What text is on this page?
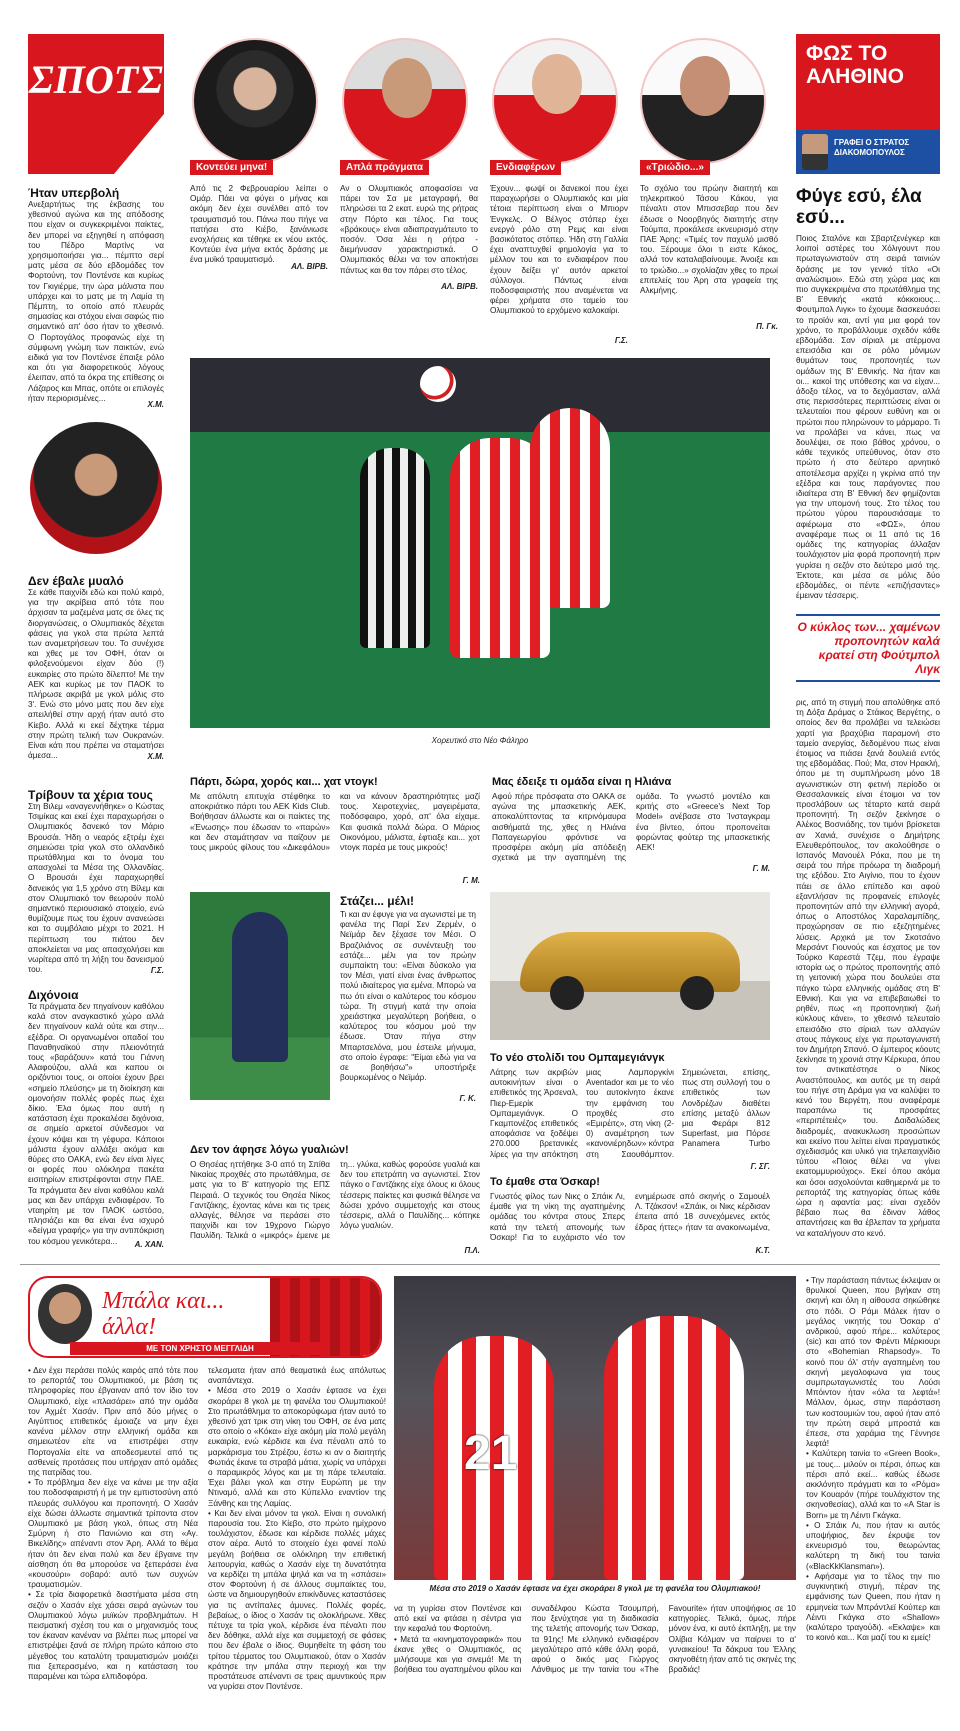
ΣΠΟΤΣ
Κοντεύει μηνα!	Απλά πράγματα	Ενδιαφέρων	«Τριώδιο...»
Από τις 2 Φεβρουαρίου λείπει ο Ομάρ. Πάει να φύγει ο μήνας και ακόμη δεν έχει συνέλθει από τον τραυματισμό του. Πάνω που πήγε να πατήσει στο Κιέβο, ξανάνιωσε ενοχλήσεις και τέθηκε εκ νέου εκτός. Κοντεύει ένα μήνα εκτός δράσης με ένα μυϊκό τραυματισμό.
ΑΛ. ΒΙΡΒ.
Αν ο Ολυμπιακός αποφασίσει να πάρει τον Σα με μεταγραφή, θα πληρώσει τα 2 εκατ. ευρώ της ρήτρας στην Πόρτο και τέλος. Για τους «βράκους» είναι αδιαπραγμάτευτο το ποσόν. Όσα λέει η ρήτρα - διεμήνυσαν χαρακτηριστικά. Ο Ολυμπιακός θέλει να τον αποκτήσει πάντως και θα τον πάρει στο τέλος.
ΑΛ. ΒΙΡΒ.
Έχουν... φωψί οι δανεικοί που έχει παραχωρήσει ο Ολυμπιακός και μία τέτοια περίπτωση είναι ο Μπιορν Ένγκελς. Ο Βέλγος στόπερ έχει ενεργό ρόλο στη Ρεμς και είναι βασικότατος στόπερ. Ήδη στη Γαλλία έχει αναπτυχθεί φημολογία για το μέλλον του και το ενδιαφέρον που έχουν δείξει γι' αυτόν αρκετοί σύλλογοι. Πάντως είναι ποδοσφαιριστής που αναμένεται να φέρει χρήματα στο ταμείο του Ολυμπιακού το ερχόμενο καλοκαίρι.
Γ.Σ.
Το σχόλιο του πρώην διαιτητή και τηλεκριτικού Τάσου Κάκου, για πέναλτι στον Μπισσεβαρ που δεν έδωσε ο Νοορβηγός διαιτητής στην Τούμπα, προκάλεσε εκνευρισμό στην ΠΑΕ Άρης: «Τιμές τον παχυλό μισθό του. Ξέρουμε όλοι τι ειστε Κάκος, αλλά τον καταλαβαίνουμε. Άνοιξε και το τριώδιο...» σχολίαζαν χθες το πρωί επιτελείς του Άρη στα γραφεία της Αλκμήνης.
Π. Γκ.
ΦΩΣ ΤΟ ΑΛΗΘΙΝΟ
ΓΡΑΦΕΙ Ο ΣΤΡΑΤΟΣ ΔΙΑΚΟΜΟΠΟΥΛΟΣ
Ήταν υπερβολή
Ανεξαρτήτως της έκβασης του χθεσινού αγώνα και της απόδοσης που είχαν οι συγκεκριμένοι παίκτες, δεν μπορεί να εξηγηθεί η απόφαση του Πέδρο Μαρτίνς να χρησιμοποιήσει για... πέμπτο σερί ματς μέσα σε δύο εβδομάδες τον Φορτούνη, τον Ποντένσε και κυρίως τον Γκιγιέρμε, την ώρα μάλιστα που υπάρχει και το ματς με τη Λαμία τη Πέμπτη, το οποίο από πλευράς σημασίας και στόχου είναι σαφώς πιο σημαντικό απ' όσο ήταν το χθεσινό. Ο Πορτογάλος προφανώς είχε τη σύμφωνη γνώμη των παικτών, ενώ ειδικά για τον Ποντένσε έπαιξε ρόλο και ότι για διαφορετικούς λόγους έλειπαν, από τα όκρα της επίθεσης οι Λάζαρος και Μπας, οπότε οι επιλογές ήταν περιορισμένες...
Χ.Μ.
Δεν έβαλε μυαλό
Σε κάθε παιχνίδι εδώ και πολύ καιρό, για την ακρίβεια από τότε που άρχισαν τα μαζεμένα ματς σε όλες τις διοργανώσεις, ο Ολυμπιακός δέχεται φάσεις για γκολ στα πρώτα λεπτά των αναμετρήσεων του. Το συνέχισε και χθες με τον ΟΦΗ, όταν οι φιλοξενούμενοι είχαν δύο (!) ευκαιρίες στο πρώτο δίλεπτο! Με την ΑΕΚ και κυρίως με τον ΠΑΟΚ το πλήρωσε ακριβά με γκολ μόλις στο 3'. Ενώ στο μόνο ματς που δεν είχε απειλήθεί στην αρχή ήταν αυτό στο Κίεβο. Αλλά κι εκεί δέχτηκε τέρμα στην πρώτη τελική των Ουκρανών. Είναι κάτι που πρέπει να σταματήσει άμεσα...	Χ.Μ.
Τρίβουν τα χέρια τους
Στη Βιλεμ «αναγεννήθηκε» ο Κώστας Τσιμίκας και εκεί έχει παραχωρήσει ο Ολυμπιακός δανεικό τον Μάριο Βρουσάι. Ήδη ο νεαρός εξτρέμ έχει σημειώσει τρία γκολ στο ολλανδικό πρωτάθλημα και το όνομα του απασχολεί τα Μέσα της Ολλανδίας. Ο Βρουσάι έχει παραχωρηθεί δανεικός για 1,5 χρόνο στη Βίλεμ και στον Ολυμπιακό τον θεωρούν πολύ σημαντικό περιουσιακό στοιχείο, ενώ θυμίζουμε πως του έχουν ανανεώσει και το συμβόλαιο μέχρι το 2021. Η περίπτωση του πιάτου δεν αποκλείεται να μας απασχολήσει και νωρίτερα από τη λήξη του δανεισμού του.	Γ.Σ.
Διχόνοια
Τα πράγματα δεν πηγαίνουν καθόλου καλά στον αναγκαστικό χώρο αλλά δεν πηγαίνουν καλά ούτε και στην... εξέδρα. Οι οργανωμένοι οπαδοί του Παναθηναϊκού στην πλειονότητά τους «βαράζουν» κατά του Γιάννη Αλαφούζου, αλλά και καπου οι οριζόντιοι τους, οι οποίοι έχουν βρει «σημείο πλεύσης» με τη διοίκηση και ομονοήσιν πολλές φορές πως έχει δίκιο. Έλα όμως που αυτή η κατάσταση έχει προκαλέσει διχόνοια, σε σημείο αρκετοί σύνδεσμοι να έχουν κόψει και τη γέφυρα. Κάποιοι μάλιστα έχουν αλλάξει ακόμα και θύρες στο ΟΑΚΑ, ενώ δεν είναι λίγες οι φορές που ολόκληρα πακέτα εισιτηρίων επιστρέφονται στην ΠΑΕ. Τα πράγματα δεν είναι καθόλου καλά μας και δεν υπάρχει ενδιαφέρον. Το νταηρίτη με τον ΠΑΟΚ ωστόσο, πλησιάζει και θα είναι ένα ισχυρό «δείγμα γραφής» για την αντιπόκριση του κόσμου γενικότερα...	Α. ΧΑΝ.
Χορευτικό στο Νέο Φάληρο
Φύγε εσύ, έλα εσύ...
Ποιος Σταλόνε και Σβαρτζενέγκερ και λοιποί αστέρες του Χόλιγουντ που πρωταγωνιστούν στη σειρά ταινιών δράσης με τον γενικό τίτλο «Οι αναλώσιμοι». Εδώ στη χώρα μας και πιο συγκεκριμένα στο πρωτάθλημα της Β' Εθνικής «κατά κόκκοιους... Φουτμπολ Λιγκ» το έχουμε διασκευάσει το προϊόν και, αντί για μια φορά τον χρόνο, το προβάλλουμε σχεδόν κάθε εβδομάδα. Σαν σίριαλ με ατέρμονα επεισόδια και σε ρόλο μόνιμων θυμάτων τους προπονητές των ομάδων της Β' Εθνικής. Να ήταν και οι... κακοί της υπόθεσης και να είχαν... άδοξο τέλος, να το δεχόμασταν, αλλά στις περισσότερες περιπτώσεις είναι οι τελευταίοι που φέρουν ευθύνη και οι πρώτοι που πληρώνουν το μάρμαρο. Τι να προλάβει να κάνει, πως να δουλέψει, σε ποιο βάθος χρόνου, ο κάθε τεχνικός υπεύθυνος, όταν στο πρώτο ή στο δεύτερο αρνητικό αποτέλεσμα αρχίζει η γκρίνια από την εξέδρα και τους παράγοντες που ιδιαίτερα στη Β' Εθνική δεν φημίζονται για την υπομονή τους. Στο τέλος του πρώτου γύρου παρουσιάσαμε το αφιέρωμα στο «ΦΩΣ», όπου αναφέραμε πως οι 11 από τις 16 ομάδες της κατηγορίας άλλαξαν τουλάχιστον μία φορά προπονητή πριν γυρίσει η σεζόν στο δεύτερο μισό της. Έκτοτε, και μέσα σε μόλις δύο εβδομάδες, οι πέντε «επιζήσαντες» έμειναν τέσσερις.
Ο κύκλος των... χαμένων προπονητών καλά κρατεί στη Φούτμπολ Λιγκ
ρις, από τη στιγμή που απολύθηκε από τη Δόξα Δράμας ο Στάικος Βεργέτης, ο οποίος δεν θα προλάβει να τελειώσει χαρτί για βραχύβια παραμονή στο ταμείο ανεργίας, δεδομένου πως είναι έτοιμος να πιάσει ξανά δουλειά εντός της εβδομάδας. Πού; Μα, στον Ηρακλή, όπου με τη συμπλήρωση μόνο 18 αγωνιστικών στη φετινή περίοδο οι Θεσσαλονικείς είναι έτοιμοι να τον προσλάβουν ως τέταρτο κατά σειρά προπονητή. Τη σεζόν ξεκίνησε ο Αλέκος Βοσνιάδης, τον τιμόνι βρίσκεται αν Χανιά, συνέχισε ο Δημήτρης Ελευθερόπουλος, τον ακολούθησε ο Ισπανός Μανουέλ Ρόκα, που με τη σειρά του πήρε πρόωρα τη διαδρομή της εξόδου. Στο Αιγίνιο, που το έχουν πάει σε άλλο επίπεδο και αφού εξαντλήσαν τις προφανείς επιλογές προπονητών από την ελληνική αγορά, όπως ο Αποστόλος Χαραλαμπίδης, προχώρησαν σε πιο εξεζητημένες λύσεις. Αρχικά με τον Σκοτσάνο Μερσάντ Γιουνούς και έσχατος με τον Τούρκο Καρεστά Τζεμ, που έγραψε ιστορία ως ο πρώτος προπονητής από τη γειτονική χώρα που δουλεύει στα πάγκο τώρα ελληνικής ομάδας στη Β' Εθνική. Και για να επιβεβαιωθεί το ρηθέν, πως «η προπονητική ζωή κύκλους κάνει», το χθεσινό τελευταίο επεισόδιο στο σίριαλ των αλλαγών στους πάγκους είχε για πρωταγωνιστή τον Δημήτρη Σπανό. Ο έμπειρος κόουτς ξεκίνησε τη χρονιά στην Κέρκυρα, όπου τον αντικατέστησε ο Νίκος Αναστόπουλος, και αυτός με τη σειρά του πήγε στη Δράμα για να καλύψει το κενό του Βεργέτη, που αναφέραμε παραπάνω τις προσφάτες «περιπέτειές» του. Δαιδαλώδεις διαδρομές, ανακυκλωση προσώπων και εκείνο που λείπει είναι πραγματικός σχεδιασμός και υλικό για τηλεπαιχνίδιο τύπου «Ποιος θέλει να γίνει εκατομμυριούχος». Εκεί όπου ακόμα και όσοι ασχολούνται καθημερινά με το ρεπορτάζ της κατηγορίας όπως κάθε ώρα η αφαντία μας: είναι σχεδόν βέβαιο πως θα έδιναν λάθος απαντήσεις και θα έβλεπαν τα χρήματα να καταλήγουν στο κενό.
Πάρτι, δώρα, χορός και... χατ ντογκ!
Με απόλυτη επιτυχία στέφθηκε το αποκριάτικο πάρτι του ΑΕΚ Kids Club. Βοήθησαν άλλωστε και οι παίκτες της «Ένωσης» που έδωσαν το «παρών» και δεν σταμάτησαν να παίζουν με τους μικρούς φίλους του «Δικεφάλου» και να κάνουν δραστηριότητες μαζί τους. Χειροτεχνίες, μαγειρέματα, ποδόσφαιρο, χορό, απ' όλα είχαμε. Και φυσικά πολλά δώρα. Ο Μάριος Οικονόμου, μάλιστα, έφτιαξε και... χοτ ντογκ παρέα με τους μικρούς!
Γ. Μ.
Μας έδειξε τι ομάδα είναι η Ηλιάνα
Αφού πήρε πρόσφατα στο ΟΑΚΑ σε αγώνα της μπασκετικής ΑΕΚ, αποκαλύπτοντας τα κιτρινόμαυρα αισθήματά της, χθες η Ηλιάνα Παπαγεωργίου φρόντισε να προσφέρει ακόμη μία απόδειξη σχετικά με την αγαπημένη της ομάδα. Το γνωστό μοντέλο και κριτής στο «Greece's Next Top Model» ανέβασε στο Ίνσταγκραμ ένα βίντεο, όπου προπονείται φορώντας φούτερ της μπασκετικής ΑΕΚ!
Γ. Μ.
Στάζει... μέλι!
Τι και αν έφυγε για να αγωνιστεί με τη φανέλα της Παρί Σεν Ζερμέν, ο Νεϊμάρ δεν ξέχασε τον Μέσι. Ο Βραζιλιάνος σε συνέντευξη του εστάζε... μέλι για τον πρώην συμπαίκτη του: «Είναι δύσκολο για τον Μέσι, γιατί είναι ένας άνθρωπος πολύ ιδιαίτερος για εμένα. Μπορώ να πω ότι είναι ο καλύτερος του κόσμου τώρα. Τη στιγμή κατά την οποία χρειάστηκα μεγαλύτερη βοήθεια, ο καλύτερος του κόσμου μού την έδωσε. Όταν πήγα στην Μπαρτσελόνα, μου έστειλε μήνυμα, στο οποίο έγραφε: "Είμαι εδώ για να σε βοηθήσω"» υποστήριξε βουρκωμένος ο Νεϊμάρ.
Γ. Κ.
Το νέο στολίδι του Ομπαμεγιάνγκ
Λάτρης των ακριβών αυτοκινήτων είναι ο επιθετικός της Άρσεναλ, Πιερ-Εμερίκ Ομπαμεγιάνγκ. Ο Γκαμπονέζος επιθετικός αποφάσισε να ξοδέψει 270.000 βρετανικές λίρες για την απόκτηση μιας Λαμποργκίνι Aventador και με το νέο του αυτοκίνητο έκανε την εμφάνιση του προχθές στο «Εμιρέιτς», στη νίκη (2-0) αναμέτρηση των «κανονιέρηδων» κόντρα στη Σαουθάμπτον. Σημειώνεται, επίσης, πως στη συλλογή του ο επιθετικός των Λονδρέζων διαθέτει επίσης μεταξύ άλλων μια Φεράρι 812 Superfast, μια Πόρσε Panamera Turbo
Γ. ΣΓ.
Δεν τον άφησε λόγω γυαλιών!
Ο Θησέας ηττήθηκε 3-0 από τη Σπίθα Νικαίας προχθές στο πρωτάθλημα, σε ματς για το Β' κατηγορίο της ΕΠΣ Πειραιά. Ο τεχνικός του Θησέα Νίκος Γαντζάκης, έχοντας κάνει και τις τρεις αλλαγές, θέλησε να περάσει στο παιχνίδι και τον 19χρονο Γιώργο Παυλίδη. Τελικά ο «μικρός» έμεινε με τη... γλύκα, καθώς φορούσε γυαλιά και δεν του επετράπη να αγωνιστεί. Στον πάγκο ο Γαντζάκης είχε όλους κι όλους τέσσερις παίκτες και φυσικά θέλησε να δώσει χρόνο συμμετοχής και στους τέσσερις, αλλά ο Παυλίδης... κόπηκε λόγω γυαλιών.
Π.Λ.
Το έμαθε στα Όσκαρ!
Γνωστός φίλος των Νικς ο Σπάικ Λι, έμαθε για τη νίκη της αγαπημένης ομάδας του κόντρα στους Σπερς κατά την τελετή απονομής των Όσκαρ! Για το ευχάριστο νέο τον ενημέρωσε από σκηνής ο Σαμουέλ Λ. Τζάκσον! «Σπάικ, οι Νικς κέρδισαν έπειτα από 18 συνεχόμενες εκτός έδρας ήττες» ήταν τα ανακοινωμένα,
Κ.Τ.
Μπάλα και... άλλα!
ΜΕ ΤΟΝ ΧΡΗΣΤΟ ΜΕΓΓΛΙΔΗ
• Δεν έχει περάσει πολύς καιρός από τότε που το ρεπορτάζ του Ολυμπιακού, με βάση τις πληροφορίες που έβγαιναν από τον ίδιο τον Ολυμπιακό, είχε «πλασάρει» από την ομάδα τον Αχμέτ Χασάν. Πριν από δύο μήνες ο Αιγύπτιος επιθετικός έμοιαζε να μην έχει κανένα μέλλον στην ελληνική ομάδα και σημειωτέον είτε να επιστρέψει στην Πορτογαλία είτε να αποδεσμευτεί από τις ασθενείς προτάσεις που υπήρχαν από ομάδες της πατρίδας του.
• Το πρόβλημα δεν είχε να κάνει με την αξία του ποδοσφαιριστή ή με την εμπιστοσύνη από πλευράς συλλόγου και προπονητή. Ο Χασάν είχε δώσει άλλωστε σημαντικά τρίποντα στον Ολυμπιακό με βάση γκολ, όπως στη Νέα Σμύρνη ή στο Πανιώνιο και στη «Αγ. Βικελίδης» απέναντι στον Άρη. Αλλά το θέμα ήταν ότι δεν είναι πολύ και δεν έβγαινε την αίσθηση ότι θα μπορούσε να ξεπεράσει ένα «κουσούρι» σοβαρό: αυτό των συχνών τραυματισμών.
• Σε τρία διαφορετικά διαστήματα μέσα στη σεζόν ο Χασάν είχε χάσει σειρά αγώνων του Ολυμπιακού λόγω μυϊκών προβλημάτων. Η πεισματική σχέση του και ο μηχανισμός τους τον έκαναν κανέναν να βλέπει πως μπορεί να επιστρέψει ξανά σε πλήρη πρώτο κάποιο στο μέγεθος του καταλύτη τραυματισμών μοιάζει πια ξεπερασμένο, και η κατάσταση του παραμένει και τώρα ελπιδοφόρα.
τελεσματα ήταν από θεαματικά έως απόλυτως αναπάντεχα.
• Μέσα στο 2019 ο Χασάν έφτασε να έχει σκοράρει 8 γκολ με τη φανέλα του Ολυμπιακού! Στο πρωτάθλημα το αποκορύφωμα ήταν αυτό το χθεσινό χατ τρικ στη νίκη του ΟΦΗ, σε ένα ματς στο οποίο ο «Κόκα» είχε ακόμη μία πολύ μεγάλη ευκαιρία, ενώ κέρδισε και ένα πέναλτι από το μαρκάρισμα του Στρέζου, έστω κι αν ο διαιτητής Φωτιάς έκανε τα στραβά μάτια, χωρίς να υπάρχει ο παραμικρός λόγος και με τη πάρε τελευταία. Έχει βάλει γκολ και στην Ευρώπη με την Ντιναμό, αλλά και στο Κύπελλο εναντίον της Ξάνθης και της Λαμίας.
• Και δεν είναι μόνον τα γκολ. Είναι η συνολική παρουσία του. Στο Κίεβο, στο πρώτο ημίχρονο τουλάχιστον, έδωσε και κέρδισε πολλές μάχες στον αέρα. Αυτό το στοιχείο έχει φανεί πολύ μεγάλη βοήθεια σε ολόκληρη την επιθετική λειτουργία, καθώς ο Χασάν είχε τη δυνατότητα να κερδίζει τη μπάλα ψηλά και να τη «σπάσει» στον Φορτούνη ή σε άλλους συμπαίκτες του, ώστε να δημιουργηθούν επικίνδυνες καταστάσεις για τις αντίπαλες άμυνες. Πολλές φορές, βεβαίως, ο ίδιος ο Χασάν τις ολοκλήρωνε. Χθες πέτυχε τα τρία γκολ, κέρδισε ένα πέναλτι που δεν δόθηκε, αλλά είχε και συμμετοχή σε φάσεις που δεν έβαλε ο ίδιος. Θυμηθείτε τη φάση του τρίτου τέρματος του Ολυμπιακού, όταν ο Χασάν κράτησε την μπάλα στην περιοχή και την προστάτευσε απέναντι σε τρεις αμυντικούς πριν να γυρίσει στον Ποντένσε.
21
Μέσα στο 2019 ο Χασάν έφτασε να έχει σκοράρει 8 γκολ με τη φανέλα του Ολυμπιακού!
να τη γυρίσει στον Ποντένσε και από εκεί να φτάσει η σέντρα για την κεφαλιά του Φορτούνη.
• Μετά τα «κινηματογραφικά» που έκανε χθες ο Ολυμπιακός, ας μιλήσουμε και για σινεμά! Με τη βοήθεια του αγαπημένου φίλου και συναδέλφου Κώστα Τσουμπρή, που ξενύχτησε για τη διαδικασία της τελετής απονομής των Όσκαρ, τα 91ης! Με ελληνικό ενδιαφέρον μεγαλύτερο από κάθε άλλη φορά, αφού ο δικός μας Γιώργος Λάνθιμος με την ταινία του «The Favourite» ήταν υποψήφιος σε 10 κατηγορίες. Τελικά, όμως, πήρε μόνον ένα, κι αυτό έκπληξη, με την Ολίβια Κόλμαν να παίρνει το α' γυναικείου! Τα δάκρυα του Έλλης σκηνοθέτη ήταν από τις σκηνές της βραδιάς!
• Την παράσταση πάντως έκλεψαν οι θρυλικοί Queen, που βγήκαν στη σκηνή και όλη η αίθουσα σηκώθηκε στο πόδι. Ο Ράμι Μάλεκ ήταν ο μεγάλος νικητής του Όσκαρ α' ανδρικού, αφού πήρε... καλύτερος (sic) και από τον Φρέντι Μέρκιουρι στο «Bohemian Rhapsody». Το κοινό που όλ' στήν αγαπημένη του σκηνή μεγαλοφωνα για τους συμπρωταγωνιστές του Λούσι Μπόιντον ήταν «όλα τα λεφτά»! Μάλλον, όμως, στην παράσταση των κοστουμιών του, αφού ήταν από την πρώτη σειρά μπροστά και έπεσε, στα χαράμια της Γέννησε λεφτά!
• Καλύτερη ταινία το «Green Book», με τους... μιλούν οι πέρσι, όπως και πέρσι από εκεί... καθώς έδωσε ακκλόνητο πράγματι και το «Ρόμα» τον Κουαρόν (πήρε τουλάχιστον της σκηνοθεσίας), αλλά και το «A Star is Born» με τη Λέιντι Γκάγκα.
• Ο Σπάικ Λι, που ήταν κι αυτός υποψήφιος, δεν έκρυψε τον εκνευρισμό του, θεωρώντας καλύτερη τη δική του ταινία («BlacKkKlansman»).
• Αφήσαμε για το τέλος την πιο συγκινητική στιγμή, πέραν της εμφάνισης των Queen, που ήταν η ερμηνεία των Μπράντλεϊ Κούπερ και Λέιντι Γκάγκα στο «Shallow» (καλύτερο τραγούδι). «Εκλαψε» και το κοινό και... Και μαζί του κι εμείς!
